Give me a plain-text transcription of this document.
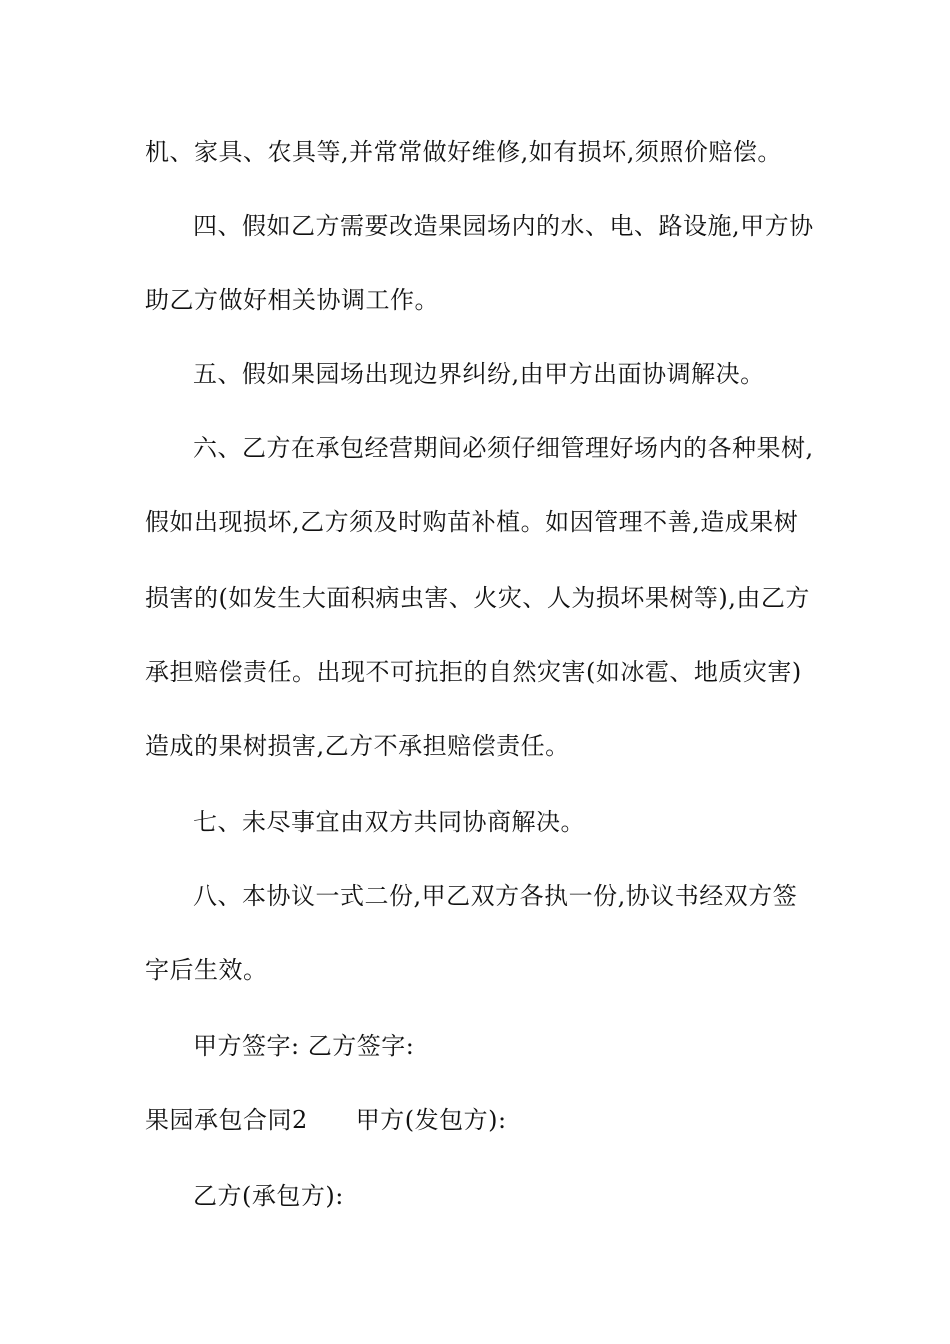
机、家具、农具等,并常常做好维修,如有损坏,须照价赔偿。
四、假如乙方需要改造果园场内的水、电、路设施,甲方协
助乙方做好相关协调工作。
五、假如果园场出现边界纠纷,由甲方出面协调解决。
六、乙方在承包经营期间必须仔细管理好场内的各种果树,
假如出现损坏,乙方须及时购苗补植。如因管理不善,造成果树
损害的(如发生大面积病虫害、火灾、人为损坏果树等),由乙方
承担赔偿责任。出现不可抗拒的自然灾害(如冰雹、地质灾害)
造成的果树损害,乙方不承担赔偿责任。
七、未尽事宜由双方共同协商解决。
八、本协议一式二份,甲乙双方各执一份,协议书经双方签
字后生效。
甲方签字: 乙方签字:
果园承包合同2 甲方(发包方):
乙方(承包方):
